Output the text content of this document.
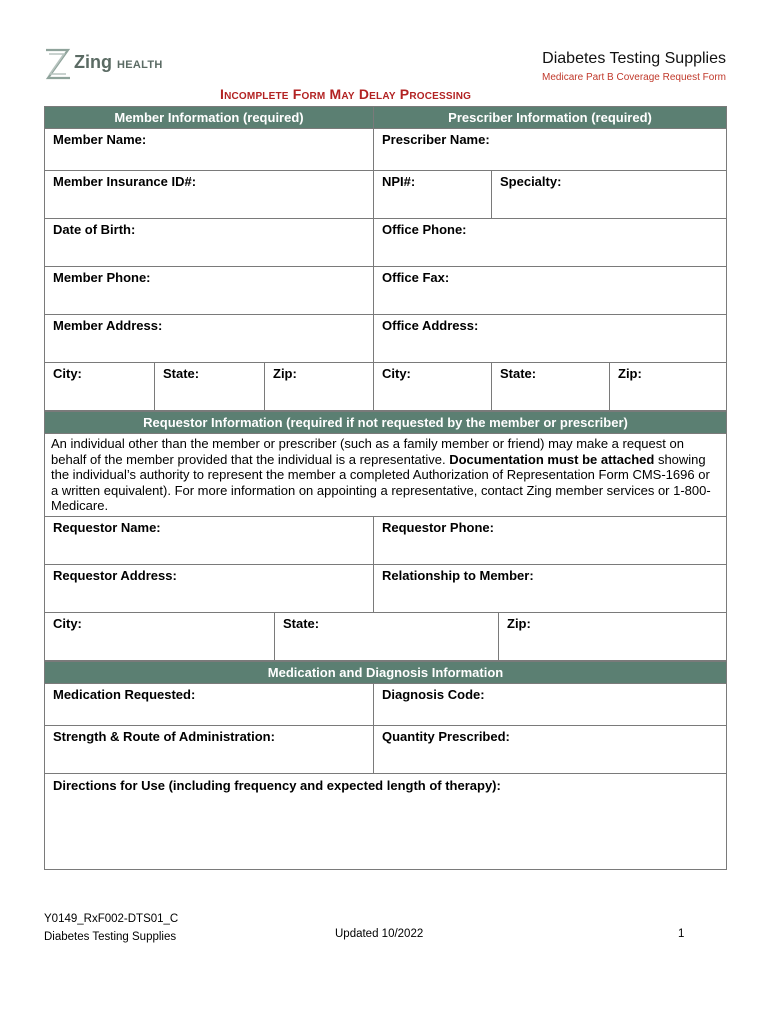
Zing HEALTH	Diabetes Testing Supplies
Medicare Part B Coverage Request Form
Incomplete Form May Delay Processing
Member Information (required)			Prescriber Information (required)		
Member Name:			Prescriber Name:		
Member Insurance ID#:			NPI#:	Specialty:	
Date of Birth:			Office Phone:		
Member Phone:			Office Fax:		
Member Address:			Office Address:		
City:	State:	Zip:	City:	State:	Zip:
Requestor Information (required if not requested by the member or prescriber)			
An individual other than the member or prescriber (such as a family member or friend) may make a request on behalf of the member provided that the individual is a representative. Documentation must be attached showing the individual’s authority to represent the member a completed Authorization of Representation Form CMS-1696 or a written equivalent). For more information on appointing a representative, contact Zing member services or 1-800-Medicare.			
Requestor Name:		Requestor Phone:	
Requestor Address:		Relationship to Member:	
City:	State:		Zip:
Medication and Diagnosis Information	
Medication Requested:	Diagnosis Code:
Strength & Route of Administration:	Quantity Prescribed:
Directions for Use (including frequency and expected length of therapy):	
Y0149_RxF002-DTS01_C
Diabetes Testing Supplies	Updated 10/2022	1
